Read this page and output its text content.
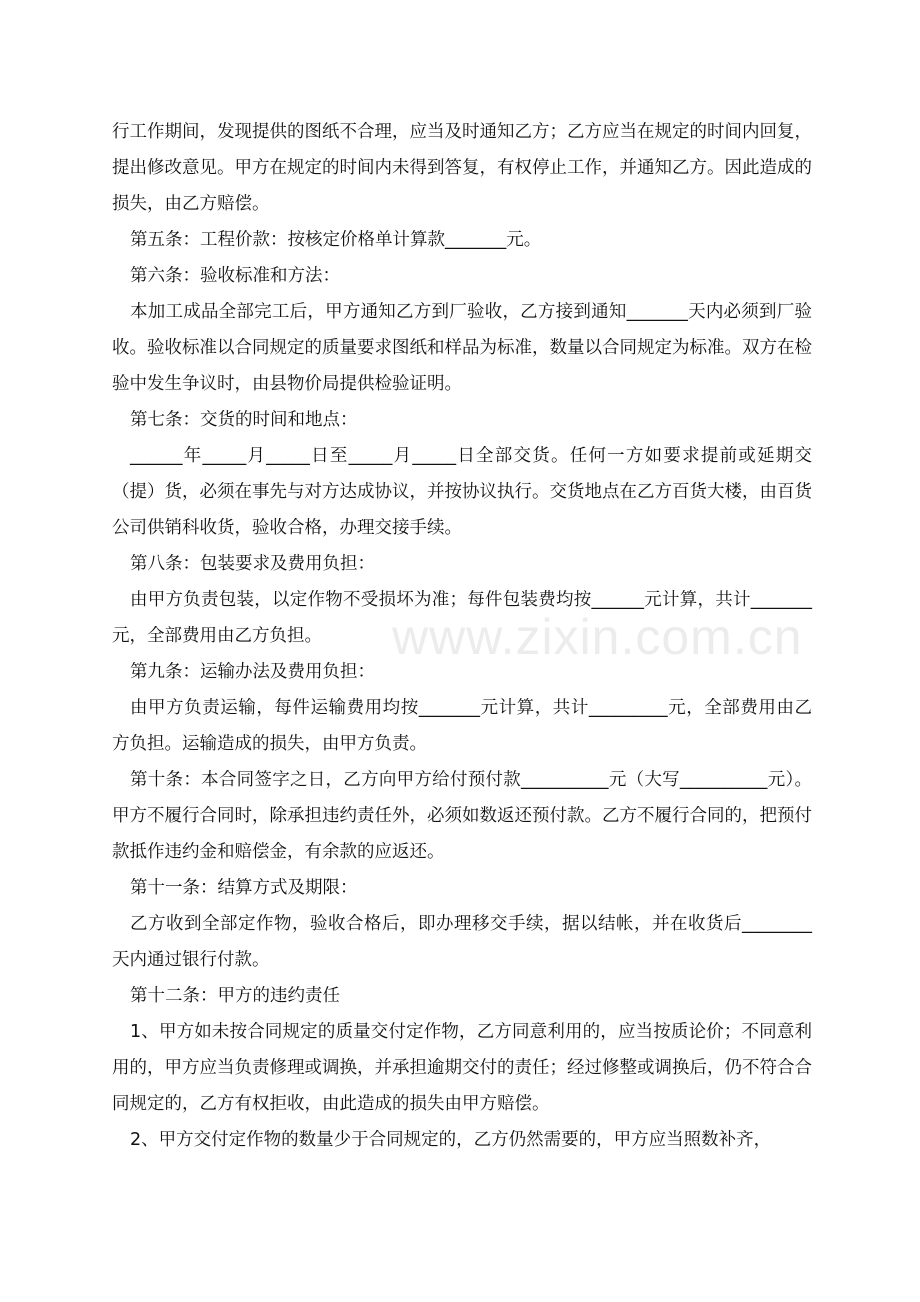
行工作期间，发现提供的图纸不合理，应当及时通知乙方；乙方应当在规定的时间内回复，提出修改意见。甲方在规定的时间内未得到答复，有权停止工作，并通知乙方。因此造成的损失，由乙方赔偿。

第五条：工程价款：按核定价格单计算款_______元。

第六条：验收标准和方法：

本加工成品全部完工后，甲方通知乙方到厂验收，乙方接到通知_______天内必须到厂验收。验收标准以合同规定的质量要求图纸和样品为标准，数量以合同规定为标准。双方在检验中发生争议时，由县物价局提供检验证明。

第七条：交货的时间和地点：

______年_____月_____日至_____月_____日全部交货。任何一方如要求提前或延期交（提）货，必须在事先与对方达成协议，并按协议执行。交货地点在乙方百货大楼，由百货公司供销科收货，验收合格，办理交接手续。

第八条：包装要求及费用负担：

由甲方负责包装，以定作物不受损坏为准；每件包装费均按______元计算，共计_______元，全部费用由乙方负担。

第九条：运输办法及费用负担：

由甲方负责运输，每件运输费用均按_______元计算，共计_________元，全部费用由乙方负担。运输造成的损失，由甲方负责。

第十条：本合同签字之日，乙方向甲方给付预付款__________元（大写__________元）。甲方不履行合同时，除承担违约责任外，必须如数返还预付款。乙方不履行合同的，把预付款抵作违约金和赔偿金，有余款的应返还。

第十一条：结算方式及期限：

乙方收到全部定作物，验收合格后，即办理移交手续，据以结帐，并在收货后________天内通过银行付款。

第十二条：甲方的违约责任

1、甲方如未按合同规定的质量交付定作物，乙方同意利用的，应当按质论价；不同意利用的，甲方应当负责修理或调换，并承担逾期交付的责任；经过修整或调换后，仍不符合合同规定的，乙方有权拒收，由此造成的损失由甲方赔偿。

2、甲方交付定作物的数量少于合同规定的，乙方仍然需要的，甲方应当照数补齐，

www.zixin.com.cn
